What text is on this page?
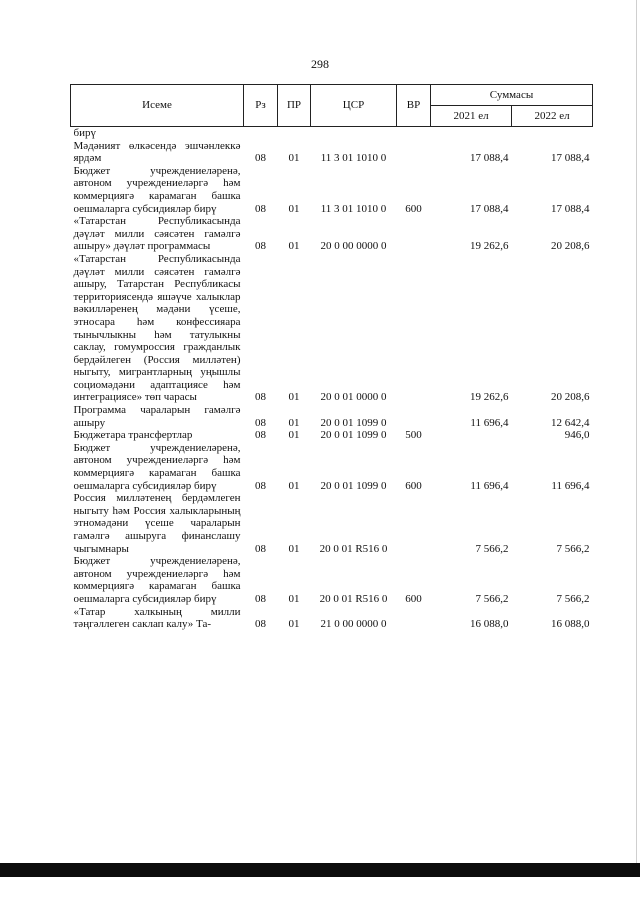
298
Исеме	Рз	ПР	ЦСР	ВР	Суммасы	
					2021 ел	2022 ел
бирү						
Мәдәният өлкәсендә эшчәнлеккә ярдәм	08	01	11 3 01 1010 0		17 088,4	17 088,4
Бюджет учреждениеләренә, автоном учреждениеләргә һәм коммерциягә карамаган башка оешмаларга субсидияләр бирү	08	01	11 3 01 1010 0	600	17 088,4	17 088,4
«Татарстан Республикасында дәүләт милли сәясәтен гамәлгә ашыру» дәүләт программасы	08	01	20 0 00 0000 0		19 262,6	20 208,6
«Татарстан Республикасында дәүләт милли сәясәтен гамәлгә ашыру, Татарстан Республикасы территориясендә яшәүче халыклар вәкилләренең мәдәни үсеше, этносара һәм конфессияара тынычлыкны һәм татулыкны саклау, гомумроссия гражданлык бердәйлеген (Россия милләтен) ныгыту, мигрантларның уңышлы социомәдәни адаптациясе һәм интеграциясе» төп чарасы	08	01	20 0 01 0000 0		19 262,6	20 208,6
Программа чараларын гамәлгә ашыру	08	01	20 0 01 1099 0		11 696,4	12 642,4
Бюджетара трансфертлар	08	01	20 0 01 1099 0	500		946,0
Бюджет учреждениеләренә, автоном учреждениеләргә һәм коммерциягә карамаган башка оешмаларга субсидияләр бирү	08	01	20 0 01 1099 0	600	11 696,4	11 696,4
Россия милләтенең бердәмлеген ныгыту һәм Россия халыкларының этномәдәни үсеше чараларын гамәлгә ашыруга финанслашу чыгымнары	08	01	20 0 01 R516 0		7 566,2	7 566,2
Бюджет учреждениеләренә, автоном учреждениеләргә һәм коммерциягә карамаган башка оешмаларга субсидияләр бирү	08	01	20 0 01 R516 0	600	7 566,2	7 566,2
«Татар халкының милли тәңгәллеген саклап калу» Та-	08	01	21 0 00 0000 0		16 088,0	16 088,0
